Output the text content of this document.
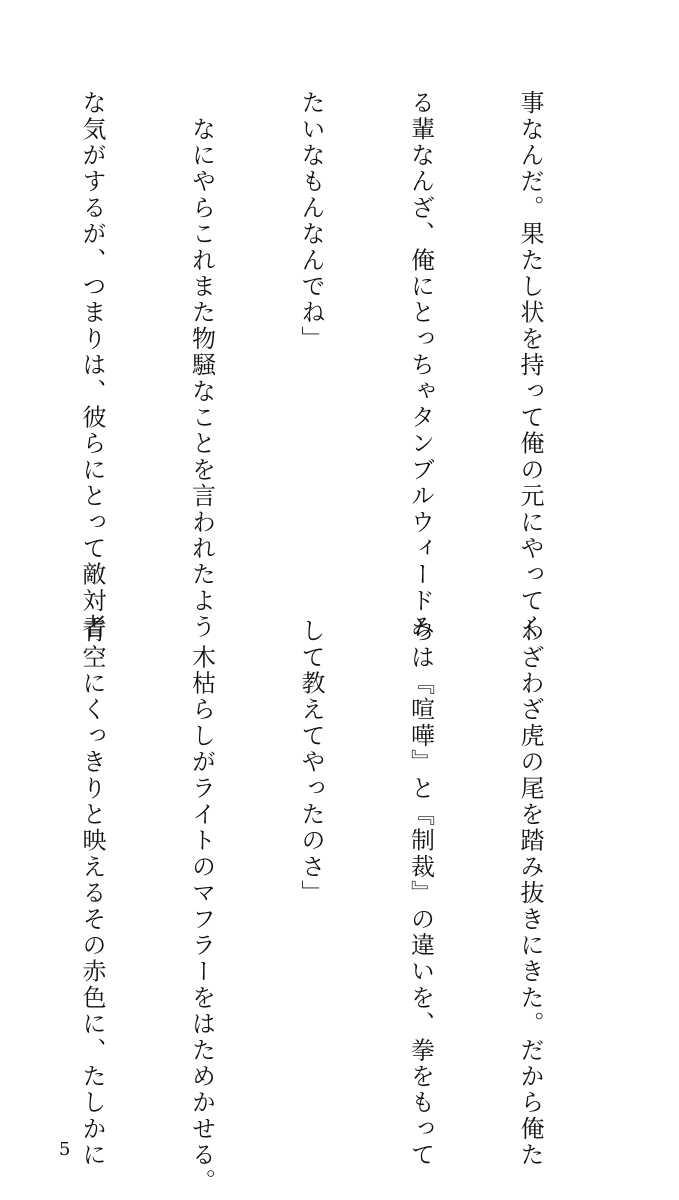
事なんだ。果たし状を持って俺の元にやってく

る輩なんざ、俺にとっちゃタンブルウィードみ

たいなもんなんでね」

　なにやらこれまた物騒なことを言われたよう

な気がするが、つまりは、彼らにとって敵対者

わざわざ虎の尾を踏み抜きにきた。だから俺た

ちは『喧嘩』と『制裁』の違いを、拳をもって

して教えてやったのさ」

　木枯らしがライトのマフラーをはためかせる。

青空にくっきりと映えるその赤色に、たしかに

5
